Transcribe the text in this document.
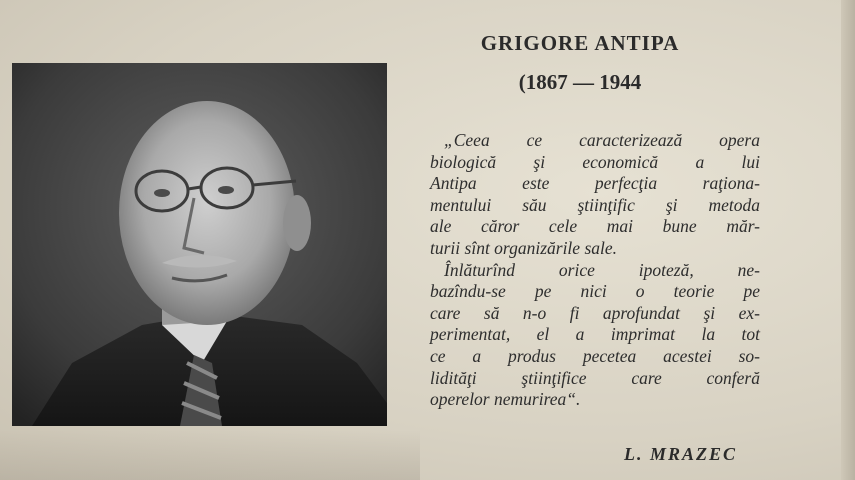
GRIGORE ANTIPA
(1867 — 1944
„Ceea ce caracterizează opera
biologică şi economică a lui
Antipa este perfecţia raţiona-
mentului său ştiinţific şi metoda
ale căror cele mai bune măr-
turii sînt organizările sale.
Înlăturînd orice ipoteză, ne-
bazîndu-se pe nici o teorie pe
care să n-o fi aprofundat şi ex-
perimentat, el a imprimat la tot
ce a produs pecetea acestei so-
lidităţi ştiinţifice care conferă
operelor nemurirea“.

L. MRAZEC
